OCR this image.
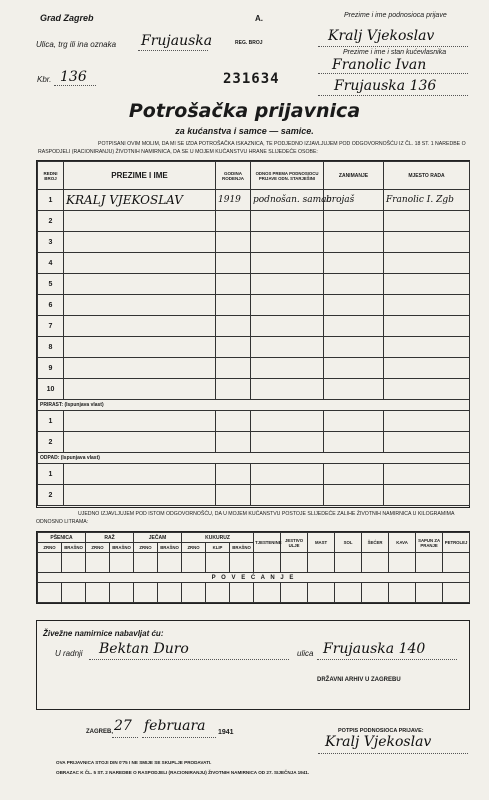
Grad Zagreb	A.	Prezime i ime podnosioca prijave
Ulica, trg ili ina oznaka Frujauska	REG. BROJ	Kralj Vjekoslav
Prezime i ime i stan kućevlasnika
Franolic Ivan
Kbr. 136	231634	Frujauska 136
Potrošačka prijavnica
za kućanstva i samce — samice.
POTPISANI OVIM MOLIM, DA MI SE IZDA POTROŠAČKA ISKAZNICA, TE PODJEDNO IZJAVLJUJEM POD ODGOVORNOŠĆU IZ ČL. 18 ST. 1 NAREDBE O RASPODJELI (RACIONIRANJU) ŽIVOTNIH NAMIRNICA, DA SE U MOJEM KUĆANSTVU HRANE SLIJEDEĆE OSOBE:
REDNI BROJ	PREZIME I IME	GODINA RODENJA	ODNOS PREMA PODNOSIOCU PRIJAVE ODN. STARJEŠINI	ZANIMANJE	MJESTO RADA
1	KRALJ VJEKOSLAV	1919	podnošan. samac	brojaš	Franolic I. Zgb
2					
3					
4					
5					
6					
7					
8					
9					
10					
PRIRAST: (Ispunjava vlast)					
1					
2					
ODPAD: (Ispunjava vlast)					
1					
2					
UJEDNO IZJAVLJUJEM POD ISTOM ODGOVORNOŠĆU, DA U MOJEM KUĆANSTVU POSTOJE SLIJEDEĆE ZALIHE ŽIVOTNIH NAMIRNICA U KILOGRAMIMA ODNOSNO LITRAMA:
PŠENICA		RAŽ		JEČAM		KUKURUZ			TJESTENINE	JESTIVO ULJE	MAST	SOL	ŠEĆER	KAVA	SAPUN ZA PRANJE	PETROLEJ
ZRNO	BRAŠNO	ZRNO	BRAŠNO	ZRNO	BRAŠNO	ZRNO	KLIP	BRAŠNO								

P O V E Ć A N J E																

Živežne namirnice nabavljat ću:
U radnji Bektan Duro	ulica Frujauska 140
DRŽAVNI ARHIV U ZAGREBU
ZAGREB, 27 februara 1941	POTPIS PODNOSIOCA PRIJAVE:
Kralj Vjekoslav
OVA PRIJAVNICA STOJI DIN 0'75 I NE SMIJE SE SKUPLJE PRODAVATI.
OBRAZAC K ČL. 5 ST. 2 NAREDBE O RASPODJELI (RACIONIRANJU) ŽIVOTNIH NAMIRNICA OD 27. SIJEČNJA 1941.
